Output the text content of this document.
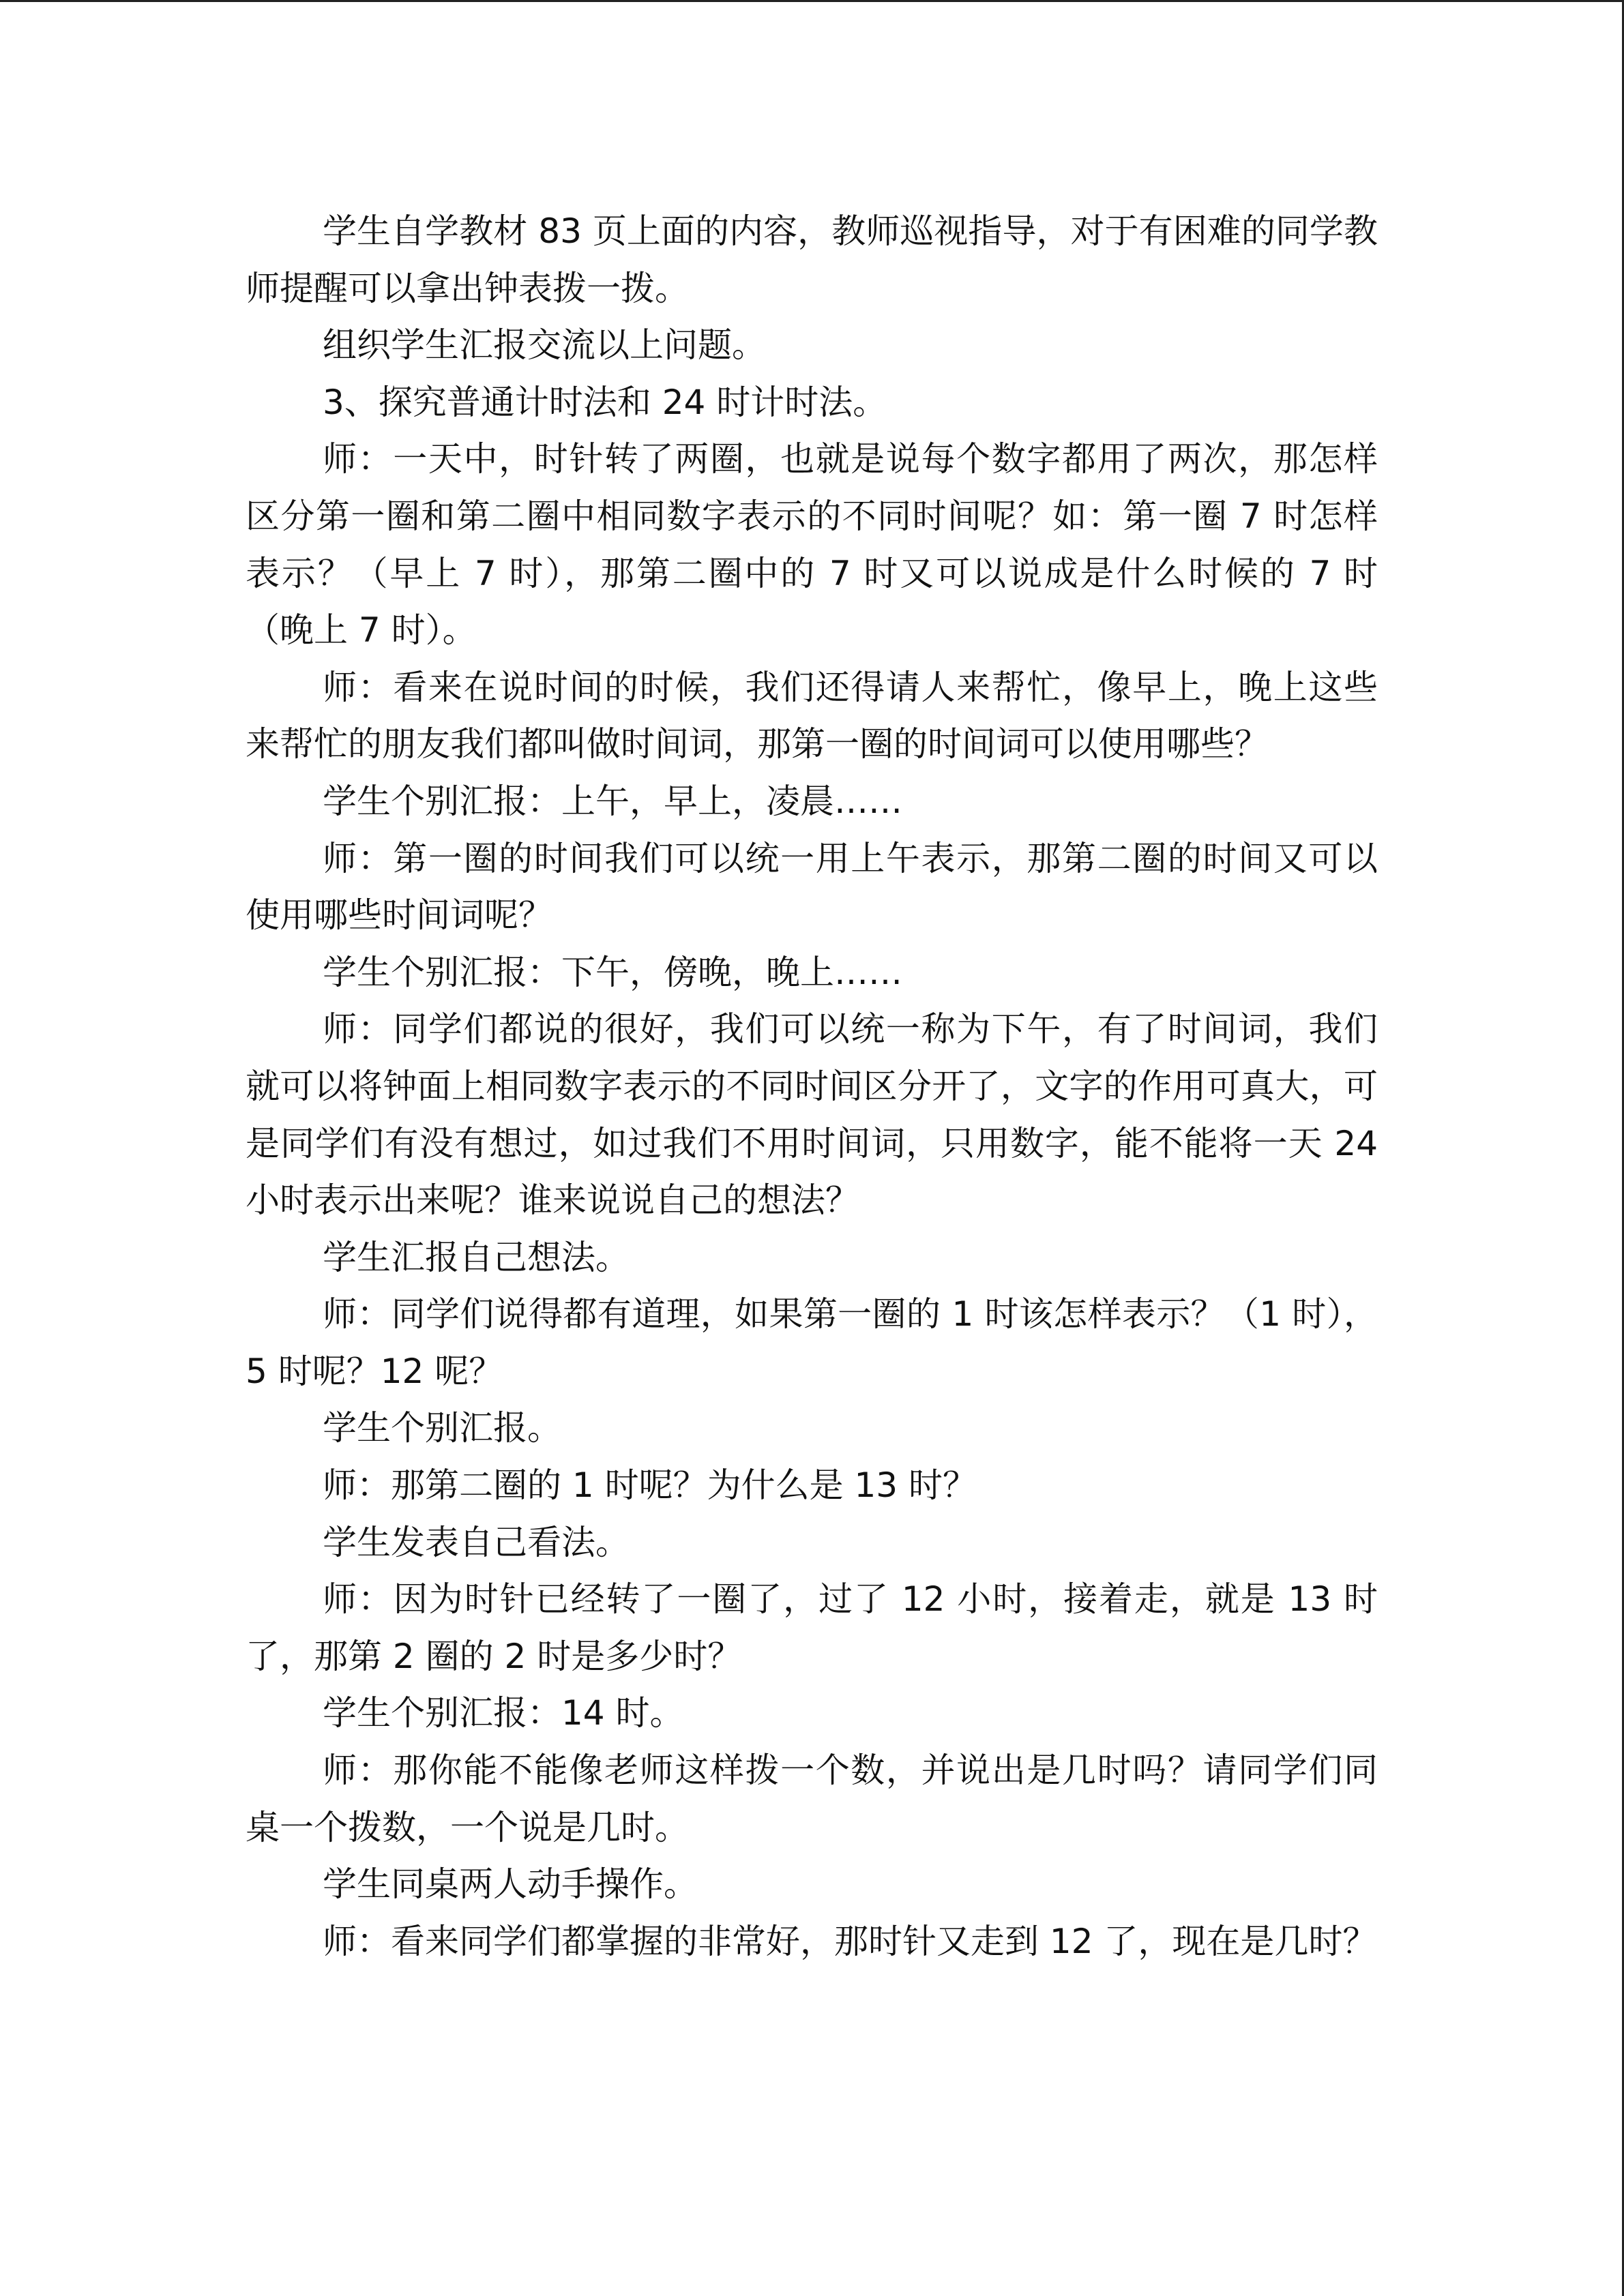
学生自学教材 83 页上面的内容，教师巡视指导，对于有困难的同学教师提醒可以拿出钟表拨一拨。

组织学生汇报交流以上问题。

3、探究普通计时法和 24 时计时法。

师：一天中，时针转了两圈，也就是说每个数字都用了两次，那怎样区分第一圈和第二圈中相同数字表示的不同时间呢？如：第一圈 7 时怎样表示？（早上 7 时），那第二圈中的 7 时又可以说成是什么时候的 7 时（晚上 7 时）。

师：看来在说时间的时候，我们还得请人来帮忙，像早上，晚上这些来帮忙的朋友我们都叫做时间词，那第一圈的时间词可以使用哪些？

学生个别汇报：上午，早上，凌晨……

师：第一圈的时间我们可以统一用上午表示，那第二圈的时间又可以使用哪些时间词呢？

学生个别汇报：下午，傍晚，晚上……

师：同学们都说的很好，我们可以统一称为下午，有了时间词，我们就可以将钟面上相同数字表示的不同时间区分开了，文字的作用可真大，可是同学们有没有想过，如过我们不用时间词，只用数字，能不能将一天 24 小时表示出来呢？谁来说说自己的想法？

学生汇报自己想法。

师：同学们说得都有道理，如果第一圈的 1 时该怎样表示？（1 时），5 时呢？12 呢？

学生个别汇报。

师：那第二圈的 1 时呢？为什么是 13 时？

学生发表自己看法。

师：因为时针已经转了一圈了，过了 12 小时，接着走，就是 13 时了，那第 2 圈的 2 时是多少时？

学生个别汇报：14 时。

师：那你能不能像老师这样拨一个数，并说出是几时吗？请同学们同桌一个拨数，一个说是几时。

学生同桌两人动手操作。

师：看来同学们都掌握的非常好，那时针又走到 12 了，现在是几时？
